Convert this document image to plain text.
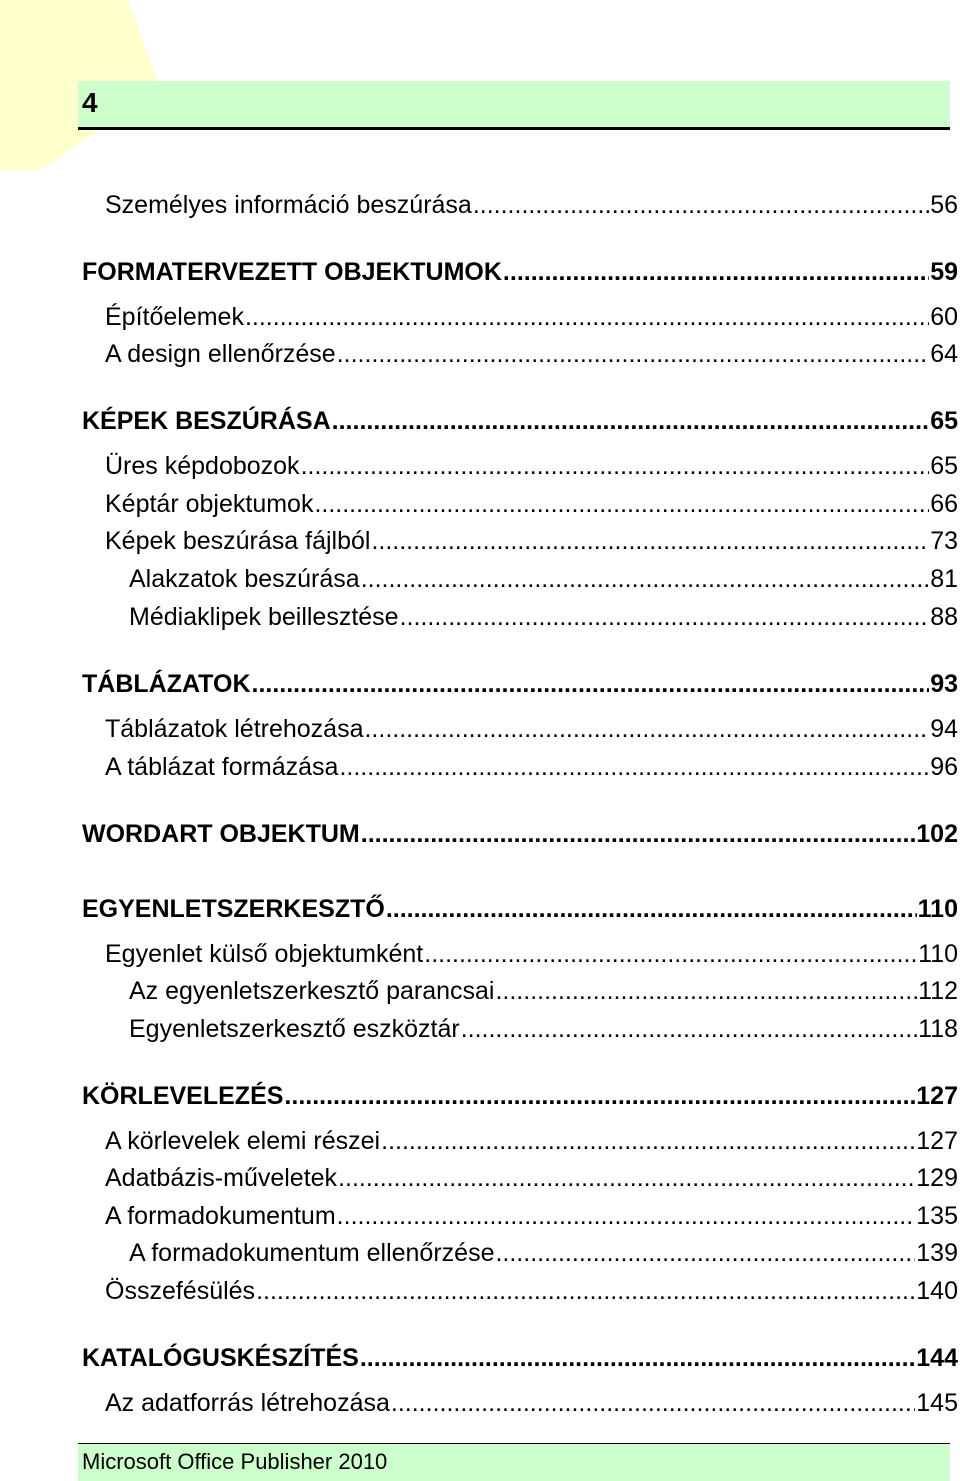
4
Személyes információ beszúrása .....	56
FORMATERVEZETT OBJEKTUMOK .....	59
Építőelemek .....	60
A design ellenőrzése .....	64
KÉPEK BESZÚRÁSA .....	65
Üres képdobozok .....	65
Képtár objektumok .....	66
Képek beszúrása fájlból .....	73
Alakzatok beszúrása .....	81
Médiaklipek beillesztése .....	88
TÁBLÁZATOK .....	93
Táblázatok létrehozása .....	94
A táblázat formázása .....	96
WORDART OBJEKTUM .....	102
EGYENLETSZERKESZTŐ .....	110
Egyenlet külső objektumként .....	110
Az egyenletszerkesztő parancsai .....	112
Egyenletszerkesztő eszköztár .....	118
KÖRLEVELEZÉS .....	127
A körlevelek elemi részei .....	127
Adatbázis-műveletek .....	129
A formadokumentum .....	135
A formadokumentum ellenőrzése .....	139
Összefésülés .....	140
KATALÓGUSKÉSZÍTÉS .....	144
Az adatforrás létrehozása .....	145
Microsoft Office Publisher 2010
